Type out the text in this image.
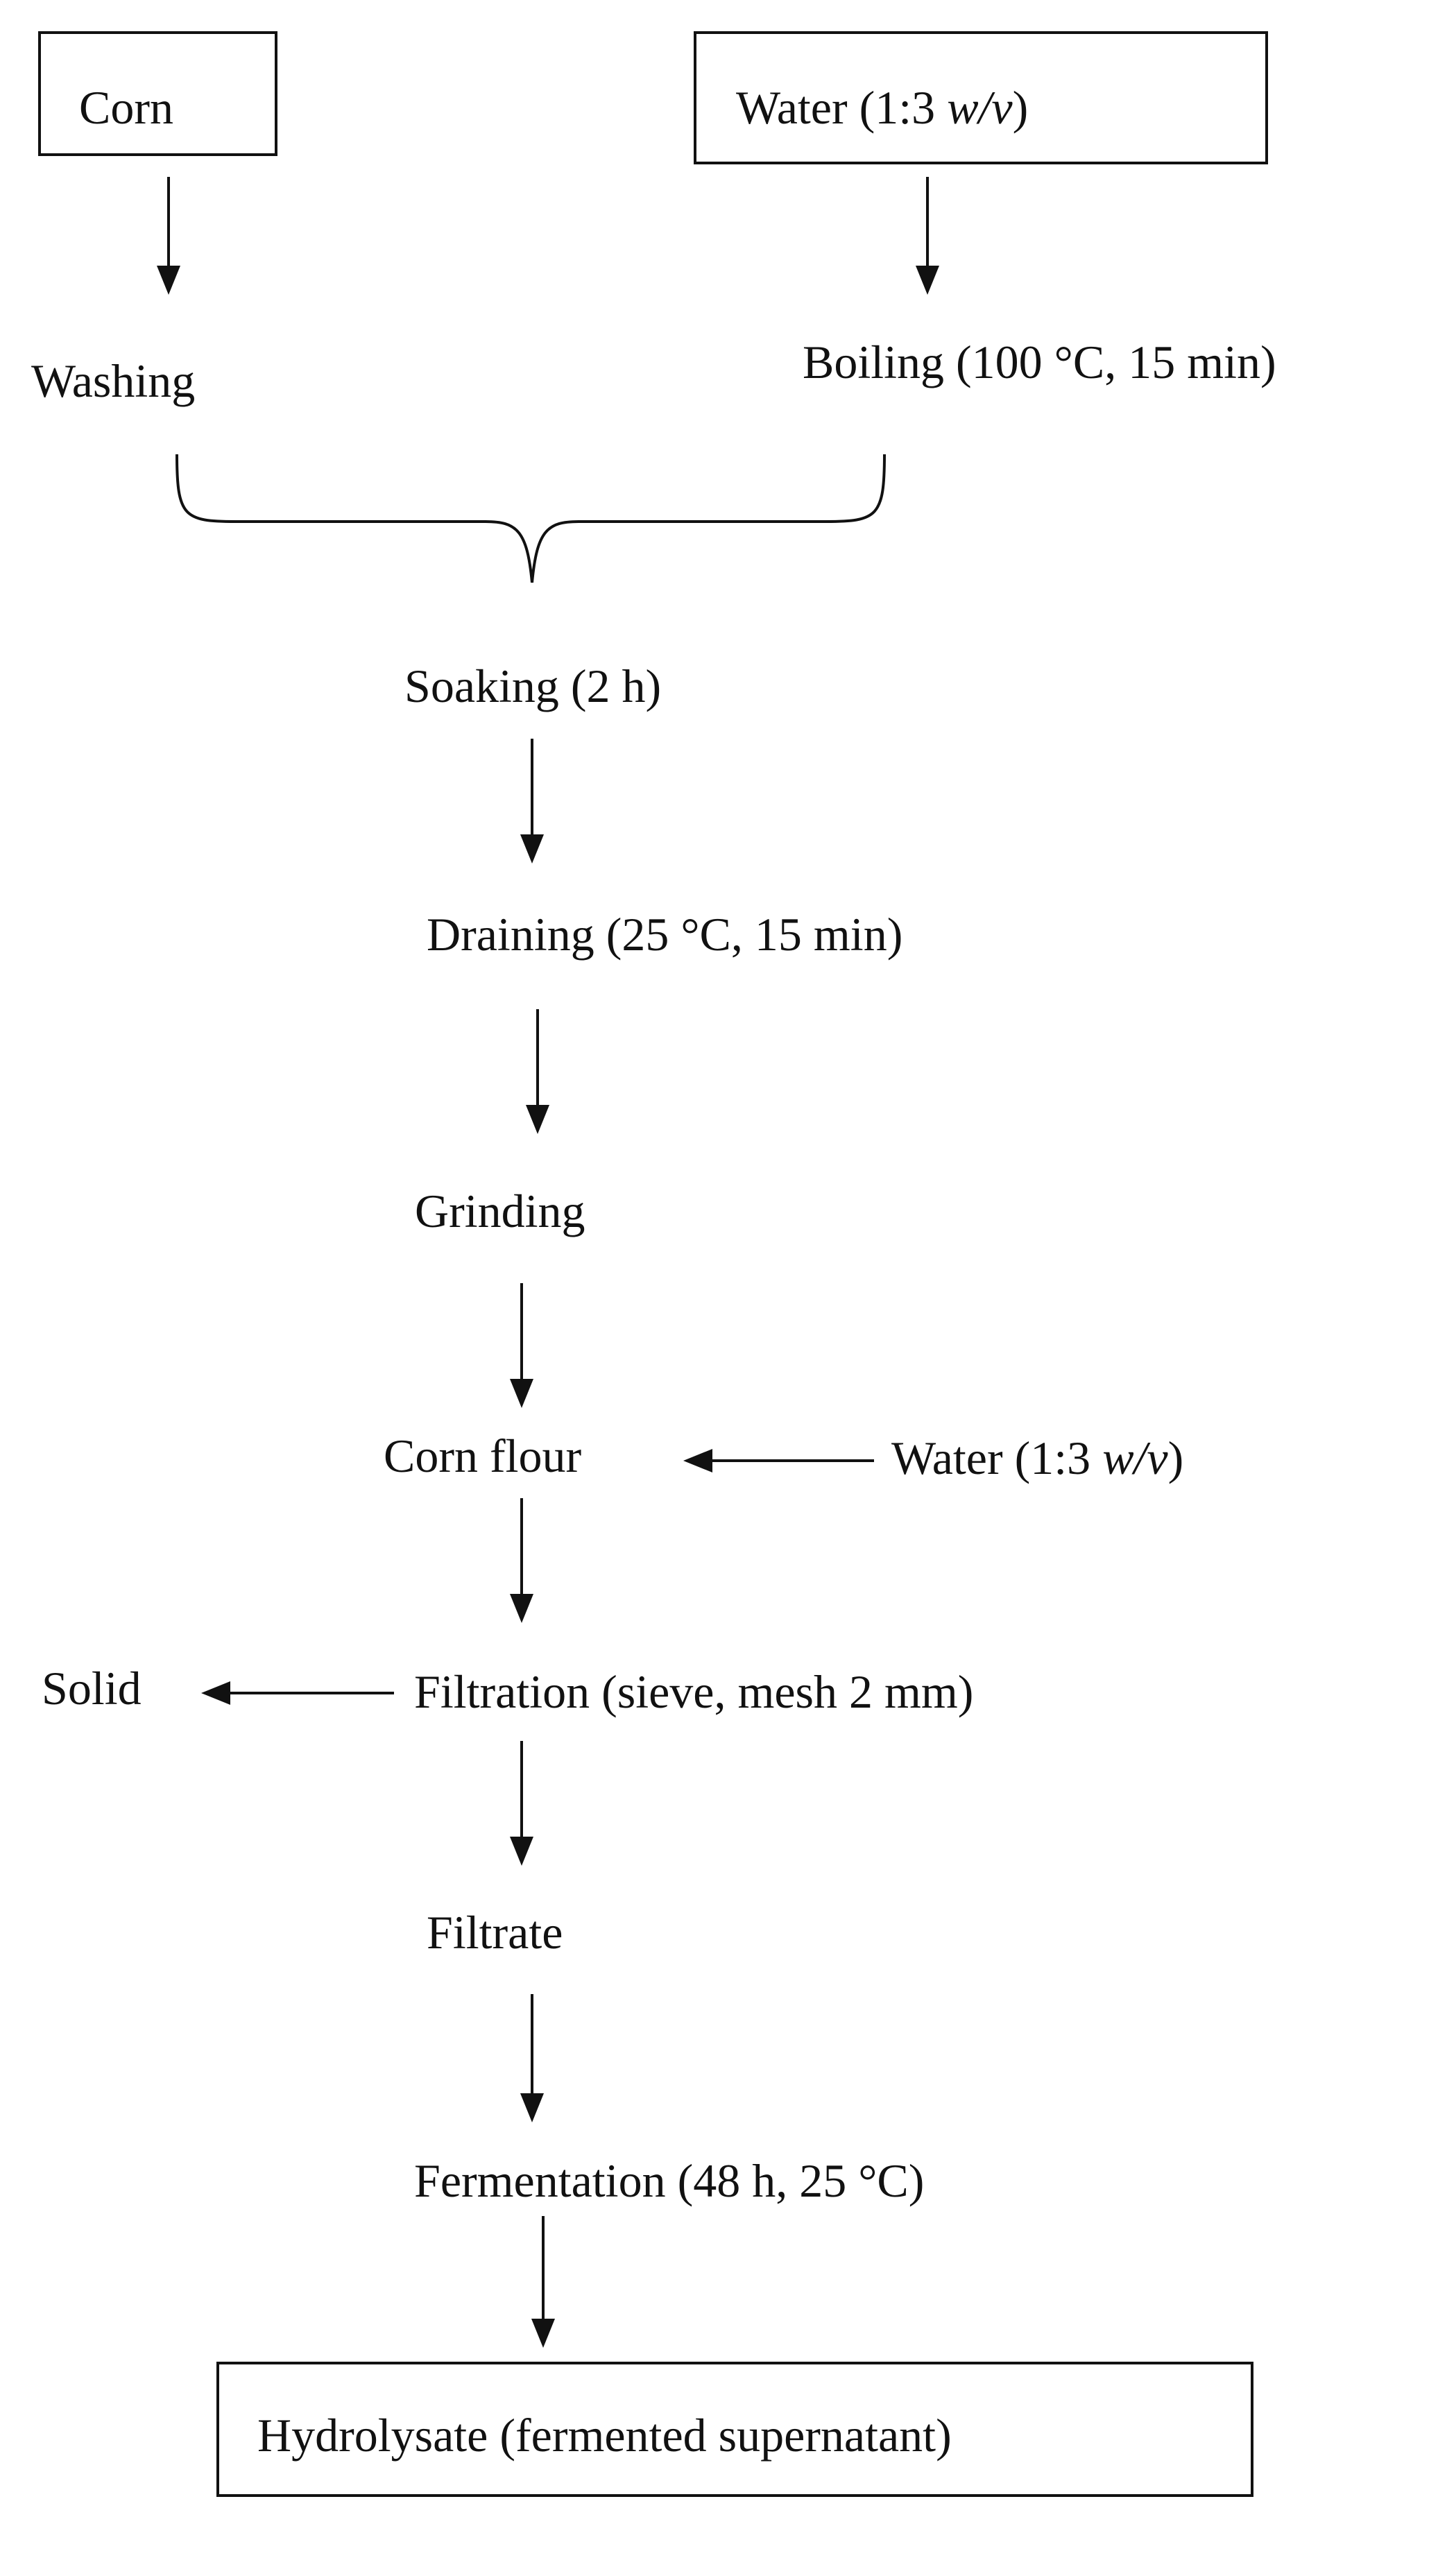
Corn	Water (1:3 w/v)
Washing	Boiling (100 °C, 15 min)
Soaking (2 h)
Draining (25 °C, 15 min)
Grinding
Corn flour	Water (1:3 w/v)
Solid	Filtration (sieve, mesh 2 mm)
Filtrate
Fermentation (48 h, 25 °C)
Hydrolysate (fermented supernatant)
